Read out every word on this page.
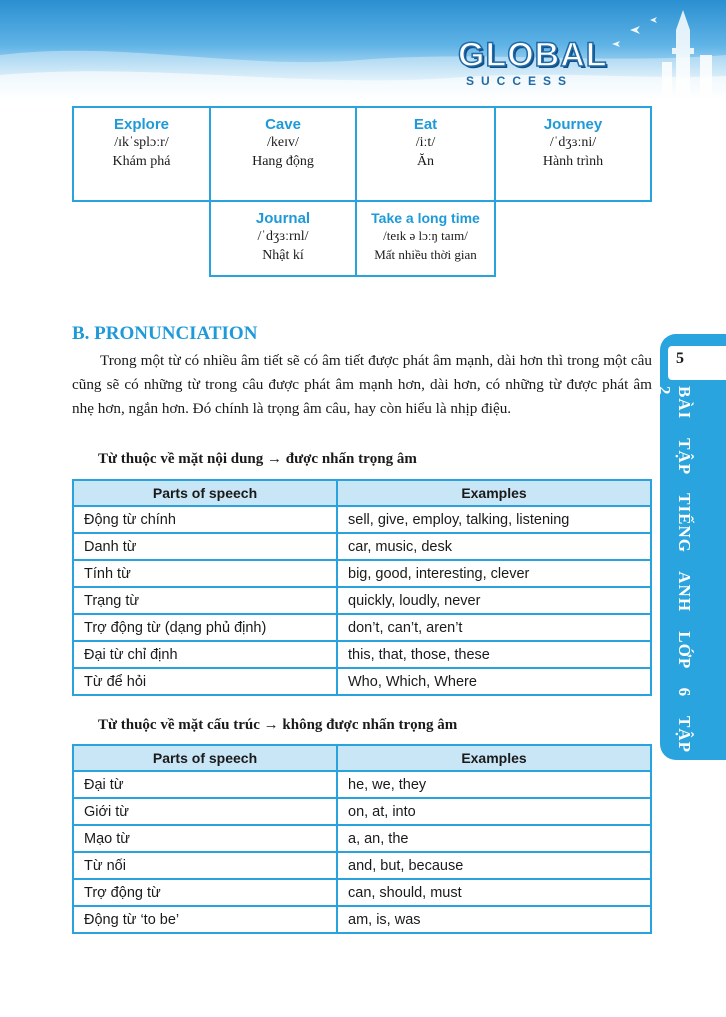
GLOBAL
SUCCESS
Explore
/ɪkˈsplɔːr/
Khám phá
Cave
/keɪv/
Hang động
Eat
/iːt/
Ăn
Journey
/ˈdʒɜːni/
Hành trình
Journal
/ˈdʒɜːrnl/
Nhật kí
Take a long time
/teɪk ə lɔːŋ taɪm/
Mất nhiều thời gian
B. PRONUNCIATION
Trong một từ có nhiều âm tiết sẽ có âm tiết được phát âm mạnh, dài hơn thì trong một câu cũng sẽ có những từ trong câu được phát âm mạnh hơn, dài hơn, có những từ được phát âm nhẹ hơn, ngắn hơn. Đó chính là trọng âm câu, hay còn hiểu là nhịp điệu.
Từ thuộc về mặt nội dung → được nhấn trọng âm
Parts of speech	Examples
Động từ chính	sell, give, employ, talking, listening
Danh từ	car, music, desk
Tính từ	big, good, interesting, clever
Trạng từ	quickly, loudly, never
Trợ động từ (dạng phủ định)	don’t, can’t, aren’t
Đại từ chỉ định	this, that, those, these
Từ để hỏi	Who, Which, Where
Từ thuộc về mặt cấu trúc → không được nhấn trọng âm
Parts of speech	Examples
Đại từ	he, we, they
Giới từ	on, at, into
Mạo từ	a, an, the
Từ nối	and, but, because
Trợ động từ	can, should, must
Động từ ‘to be’	am, is, was
5
BÀI TẬP TIẾNG ANH LỚP 6 TẬP 2
